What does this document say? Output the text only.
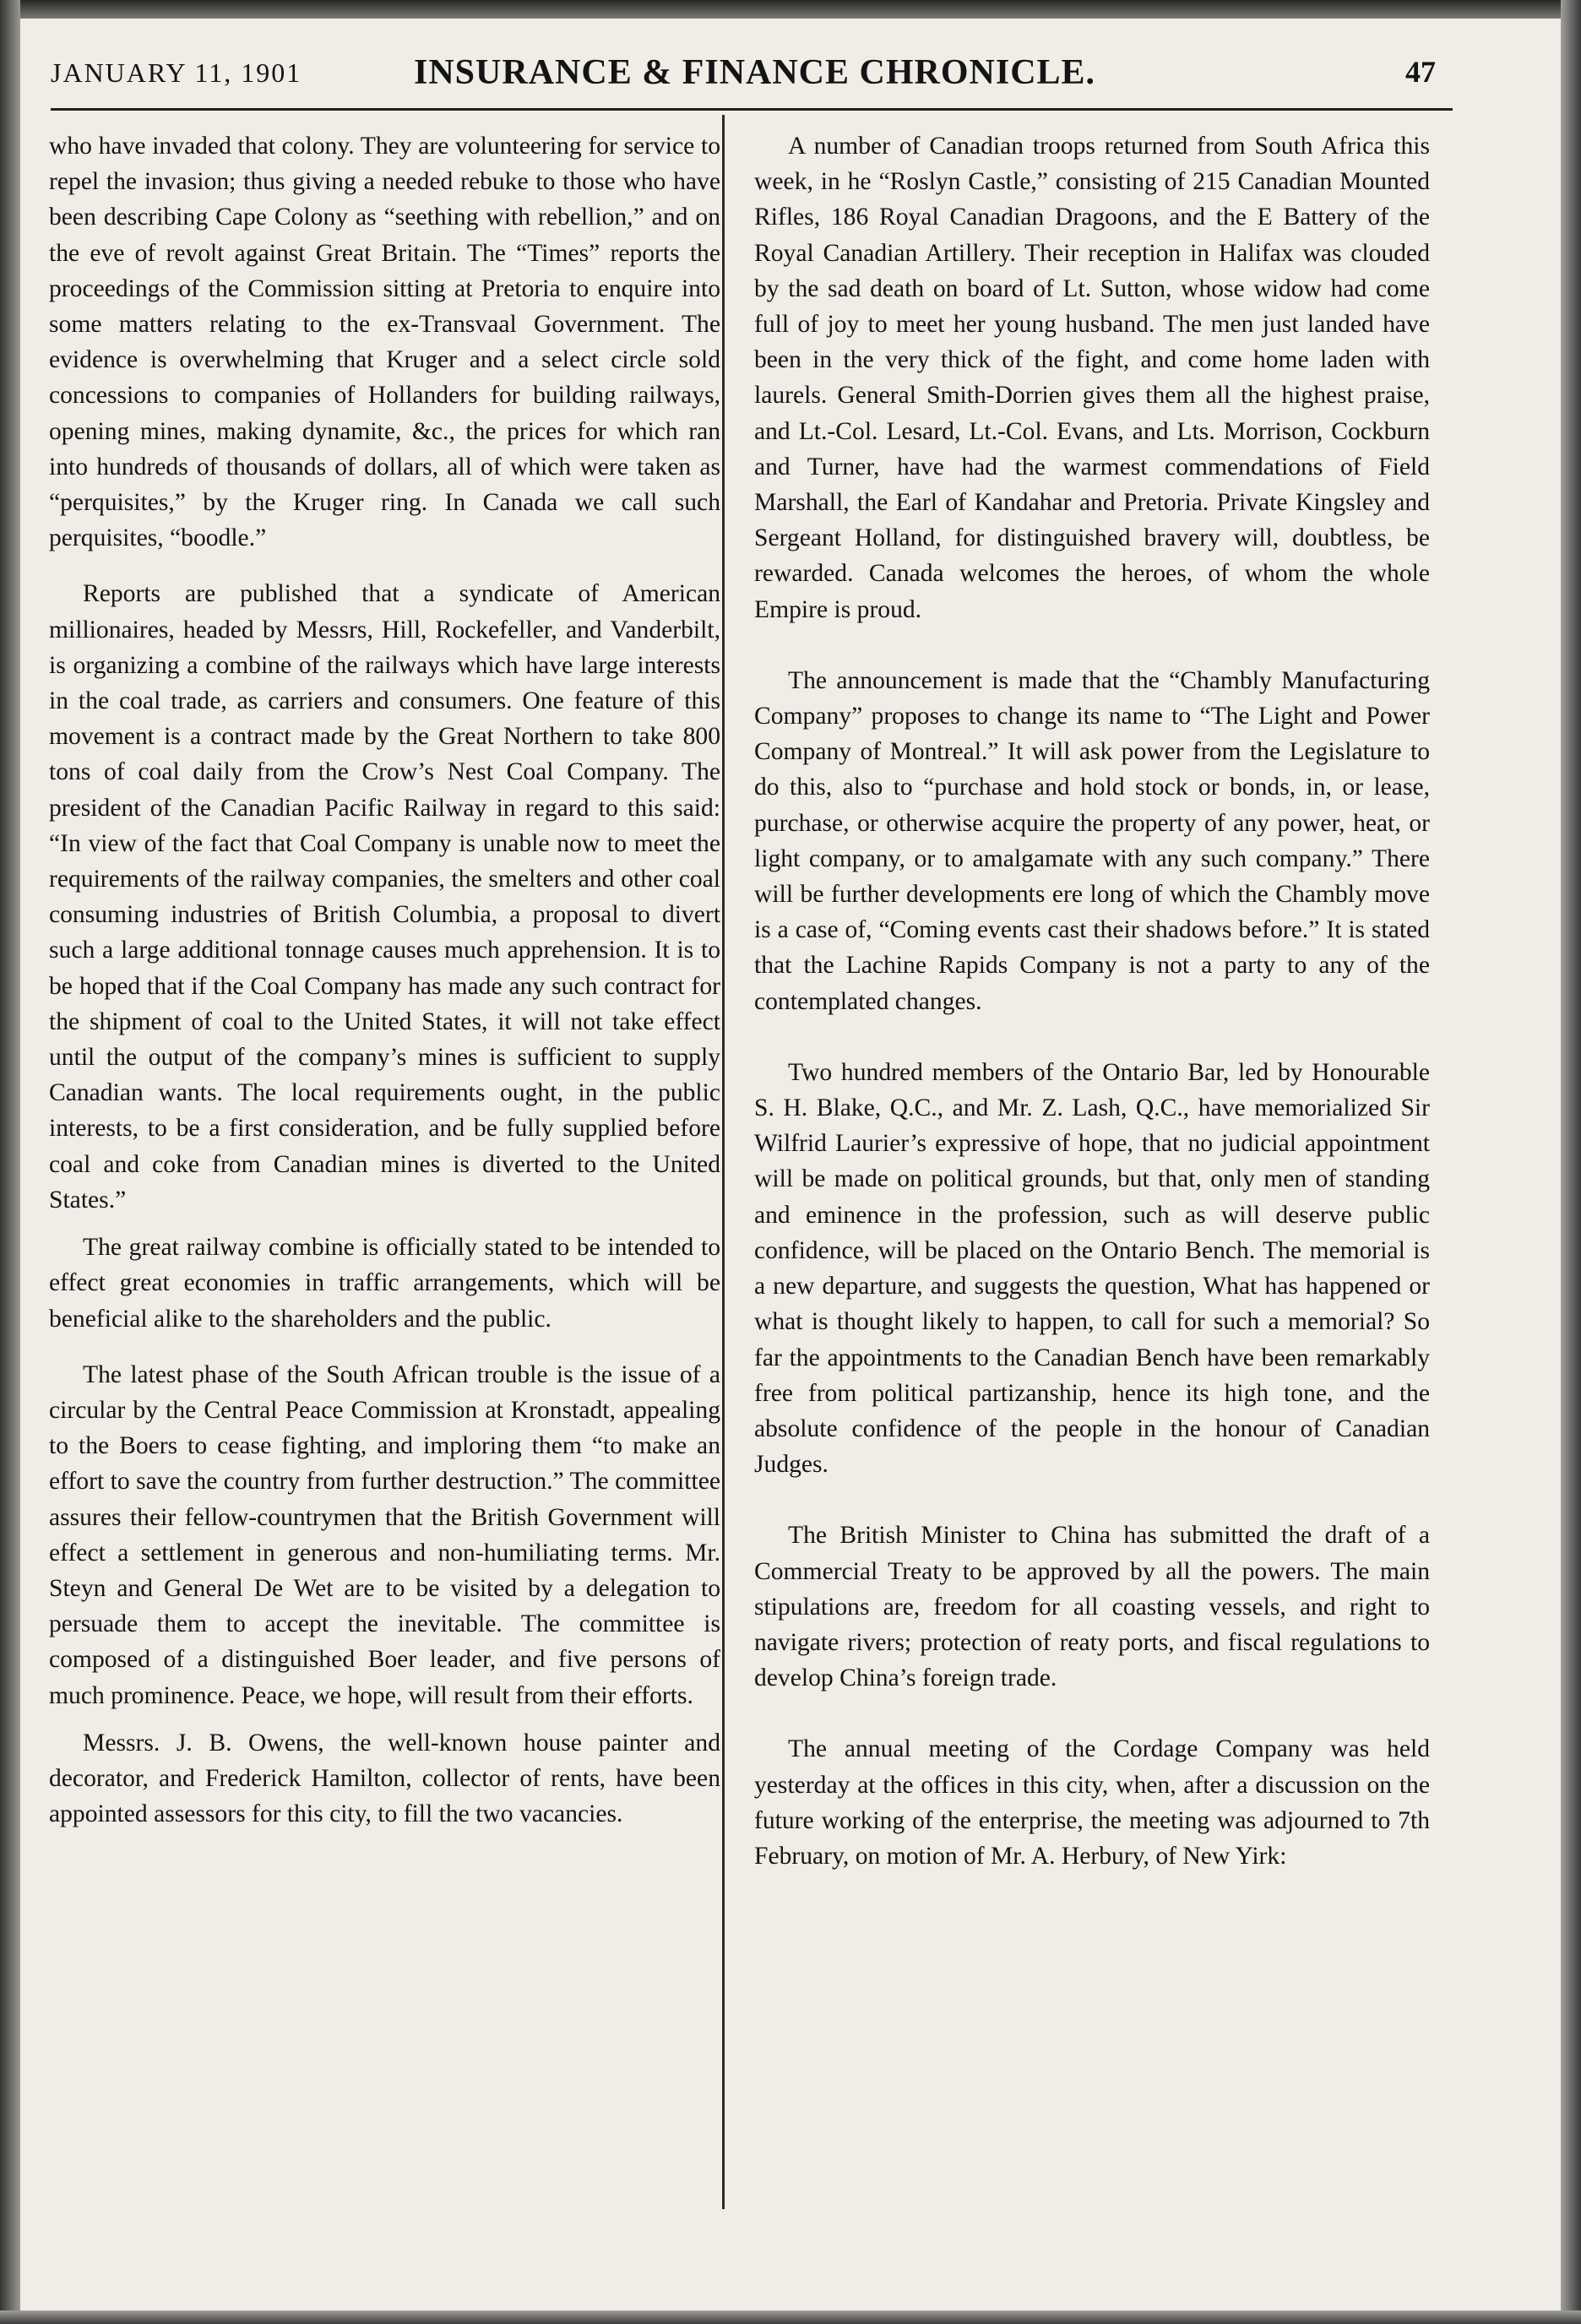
JANUARY 11, 1901	INSURANCE & FINANCE CHRONICLE.	47

who have invaded that colony. They are volunteering for service to repel the invasion; thus giving a needed rebuke to those who have been describing Cape Colony as “seething with rebellion,” and on the eve of revolt against Great Britain. The “Times” reports the proceedings of the Commission sitting at Pretoria to enquire into some matters relating to the ex-Transvaal Government. The evidence is overwhelming that Kruger and a select circle sold concessions to companies of Hollanders for building railways, opening mines, making dynamite, &c., the prices for which ran into hundreds of thousands of dollars, all of which were taken as “perquisites,” by the Kruger ring. In Canada we call such perquisites, “boodle.”

Reports are published that a syndicate of American millionaires, headed by Messrs, Hill, Rockefeller, and Vanderbilt, is organizing a combine of the railways which have large interests in the coal trade, as carriers and consumers. One feature of this movement is a contract made by the Great Northern to take 800 tons of coal daily from the Crow’s Nest Coal Company. The president of the Canadian Pacific Railway in regard to this said: “In view of the fact that Coal Company is unable now to meet the requirements of the railway companies, the smelters and other coal consuming industries of British Columbia, a proposal to divert such a large additional tonnage causes much apprehension. It is to be hoped that if the Coal Company has made any such contract for the shipment of coal to the United States, it will not take effect until the output of the company’s mines is sufficient to supply Canadian wants. The local requirements ought, in the public interests, to be a first consideration, and be fully supplied before coal and coke from Canadian mines is diverted to the United States.”

The great railway combine is officially stated to be intended to effect great economies in traffic arrangements, which will be beneficial alike to the shareholders and the public.

The latest phase of the South African trouble is the issue of a circular by the Central Peace Commission at Kronstadt, appealing to the Boers to cease fighting, and imploring them “to make an effort to save the country from further destruction.” The committee assures their fellow-countrymen that the British Government will effect a settlement in generous and non-humiliating terms. Mr. Steyn and General De Wet are to be visited by a delegation to persuade them to accept the inevitable. The committee is composed of a distinguished Boer leader, and five persons of much prominence. Peace, we hope, will result from their efforts.

Messrs. J. B. Owens, the well-known house painter and decorator, and Frederick Hamilton, collector of rents, have been appointed assessors for this city, to fill the two vacancies.

A number of Canadian troops returned from South Africa this week, in he “Roslyn Castle,” consisting of 215 Canadian Mounted Rifles, 186 Royal Canadian Dragoons, and the E Battery of the Royal Canadian Artillery. Their reception in Halifax was clouded by the sad death on board of Lt. Sutton, whose widow had come full of joy to meet her young husband. The men just landed have been in the very thick of the fight, and come home laden with laurels. General Smith-Dorrien gives them all the highest praise, and Lt.-Col. Lesard, Lt.-Col. Evans, and Lts. Morrison, Cockburn and Turner, have had the warmest commendations of Field Marshall, the Earl of Kandahar and Pretoria. Private Kingsley and Sergeant Holland, for distinguished bravery will, doubtless, be rewarded. Canada welcomes the heroes, of whom the whole Empire is proud.

The announcement is made that the “Chambly Manufacturing Company” proposes to change its name to “The Light and Power Company of Montreal.” It will ask power from the Legislature to do this, also to “purchase and hold stock or bonds, in, or lease, purchase, or otherwise acquire the property of any power, heat, or light company, or to amalgamate with any such company.” There will be further developments ere long of which the Chambly move is a case of, “Coming events cast their shadows before.” It is stated that the Lachine Rapids Company is not a party to any of the contemplated changes.

Two hundred members of the Ontario Bar, led by Honourable S. H. Blake, Q.C., and Mr. Z. Lash, Q.C., have memorialized Sir Wilfrid Laurier’s expressive of hope, that no judicial appointment will be made on political grounds, but that, only men of standing and eminence in the profession, such as will deserve public confidence, will be placed on the Ontario Bench. The memorial is a new departure, and suggests the question, What has happened or what is thought likely to happen, to call for such a memorial? So far the appointments to the Canadian Bench have been remarkably free from political partizanship, hence its high tone, and the absolute confidence of the people in the honour of Canadian Judges.

The British Minister to China has submitted the draft of a Commercial Treaty to be approved by all the powers. The main stipulations are, freedom for all coasting vessels, and right to navigate rivers; protection of reaty ports, and fiscal regulations to develop China’s foreign trade.

The annual meeting of the Cordage Company was held yesterday at the offices in this city, when, after a discussion on the future working of the enterprise, the meeting was adjourned to 7th February, on motion of Mr. A. Herbury, of New Yirk:
